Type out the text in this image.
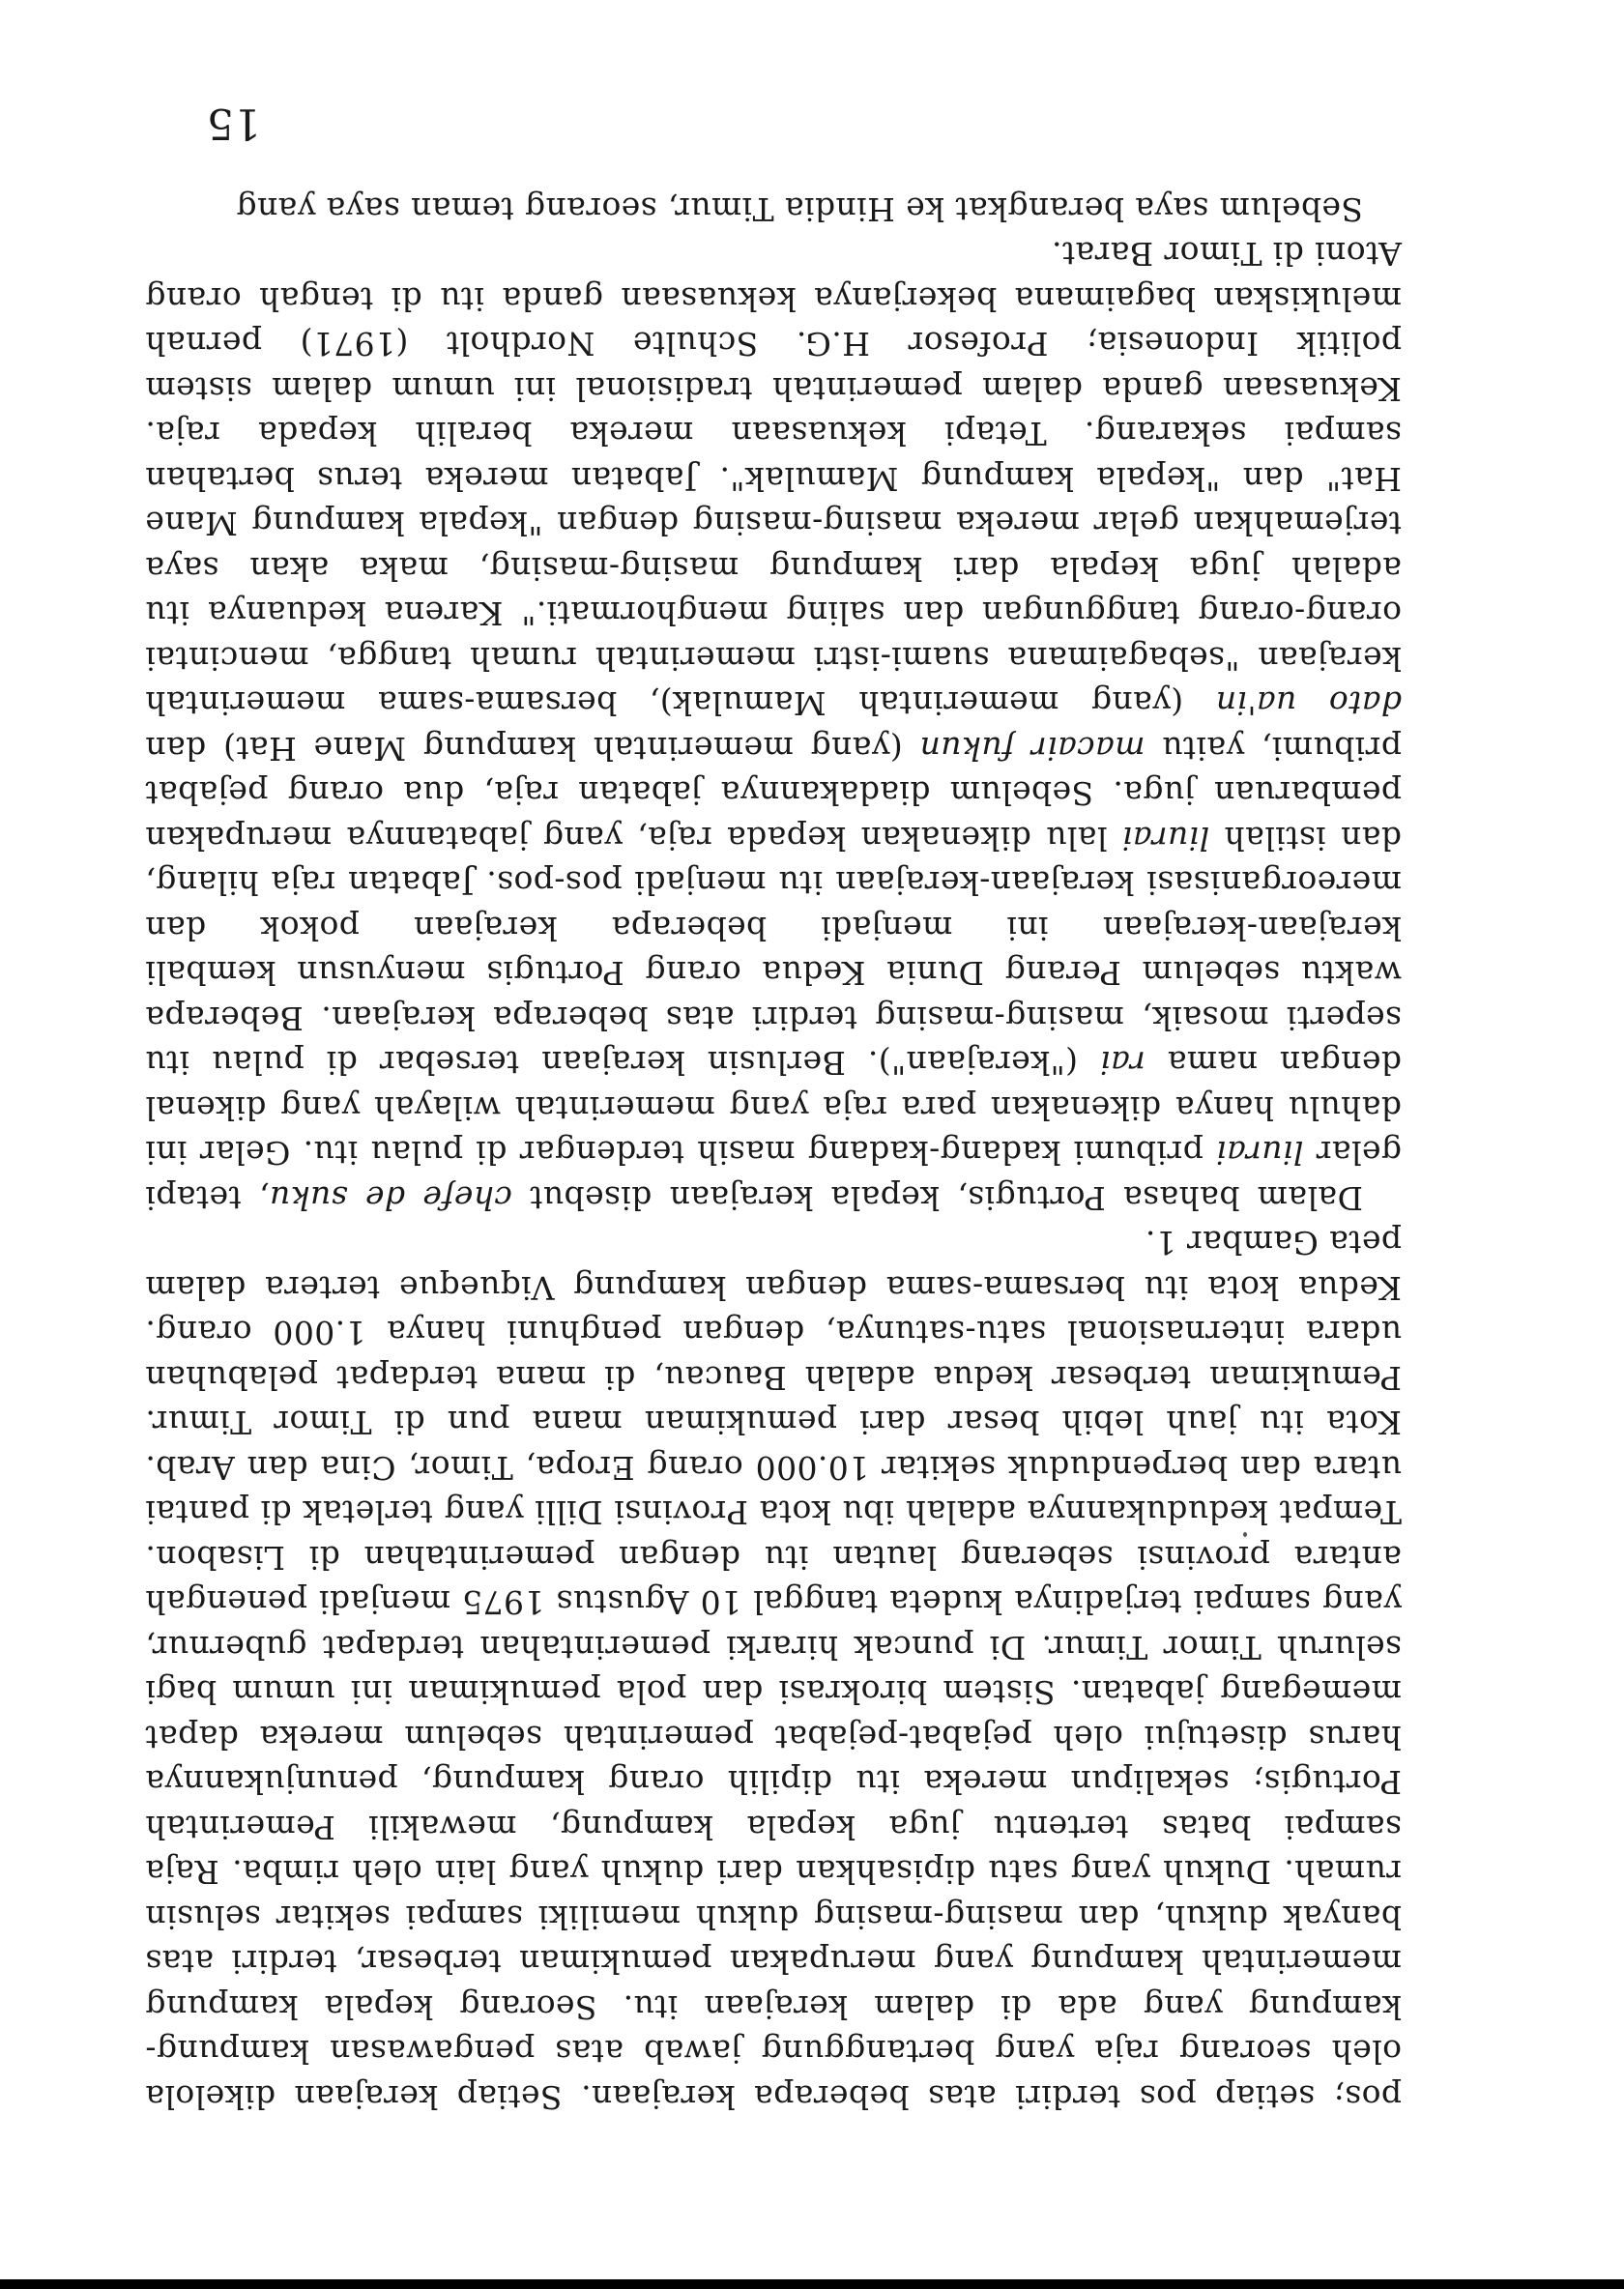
pos; setiap pos terdiri atas beberapa kerajaan. Setiap kerajaan dikelola oleh seorang raja yang bertanggung jawab atas pengawasan kampung-kampung yang ada di dalam kerajaan itu. Seorang kepala kampung memerintah kampung yang merupakan pemukiman terbesar, terdiri atas banyak dukuh, dan masing-masing dukuh memiliki sampai sekitar selusin rumah. Dukuh yang satu dipisahkan dari dukuh yang lain oleh rimba. Raja sampai batas tertentu juga kepala kampung, mewakili Pemerintah Portugis; sekalipun mereka itu dipilih orang kampung, penunjukannya harus disetujui oleh pejabat-pejabat pemerintah sebelum mereka dapat memegang jabatan. Sistem birokrasi dan pola pemukiman ini umum bagi seluruh Timor Timur. Di puncak hirarki pemerintahan terdapat gubernur, yang sampai terjadinya kudeta tanggal 10 Agustus 1975 menjadi penengah antara provinsi seberang lautan itu dengan pemerintahan di Lisabon. Tempat kedudukannya adalah ibu kota Provinsi Dilli yang terletak di pantai utara dan berpenduduk sekitar 10.000 orang Eropa, Timor, Cina dan Arab. Kota itu jauh lebih besar dari pemukiman mana pun di Timor Timur. Pemukiman terbesar kedua adalah Baucau, di mana terdapat pelabuhan udara internasional satu-satunya, dengan penghuni hanya 1.000 orang. Kedua kota itu bersama-sama dengan kampung Viqueque tertera dalam peta Gambar 1.

Dalam bahasa Portugis, kepala kerajaan disebut chefe de suku, tetapi gelar liurai pribumi kadang-kadang masih terdengar di pulau itu. Gelar ini dahulu hanya dikenakan para raja yang memerintah wilayah yang dikenal dengan nama rai ("kerajaan"). Berlusin kerajaan tersebar di pulau itu seperti mosaik, masing-masing terdiri atas beberapa kerajaan. Beberapa waktu sebelum Perang Dunia Kedua orang Portugis menyusun kembali kerajaan-kerajaan ini menjadi beberapa kerajaan pokok dan mereorganisasi kerajaan-kerajaan itu menjadi pos-pos. Jabatan raja hilang, dan istilah liurai lalu dikenakan kepada raja, yang jabatannya merupakan pembaruan juga. Sebelum diadakannya jabatan raja, dua orang pejabat pribumi, yaitu macair fukun (yang memerintah kampung Mane Hat) dan dato ua'in (yang memerintah Mamulak), bersama-sama memerintah kerajaan "sebagaimana suami-istri memerintah rumah tangga, mencintai orang-orang tanggungan dan saling menghormati." Karena keduanya itu adalah juga kepala dari kampung masing-masing, maka akan saya terjemahkan gelar mereka masing-masing dengan "kepala kampung Mane Hat" dan "kepala kampung Mamulak". Jabatan mereka terus bertahan sampai sekarang. Tetapi kekuasaan mereka beralih kepada raja. Kekuasaan ganda dalam pemerintah tradisional ini umum dalam sistem politik Indonesia; Profesor H.G. Schulte Nordholt (1971) pernah melukiskan bagaimana bekerjanya kekuasaan ganda itu di tengah orang Atoni di Timor Barat.

Sebelum saya berangkat ke Hindia Timur, seorang teman saya yang

15
